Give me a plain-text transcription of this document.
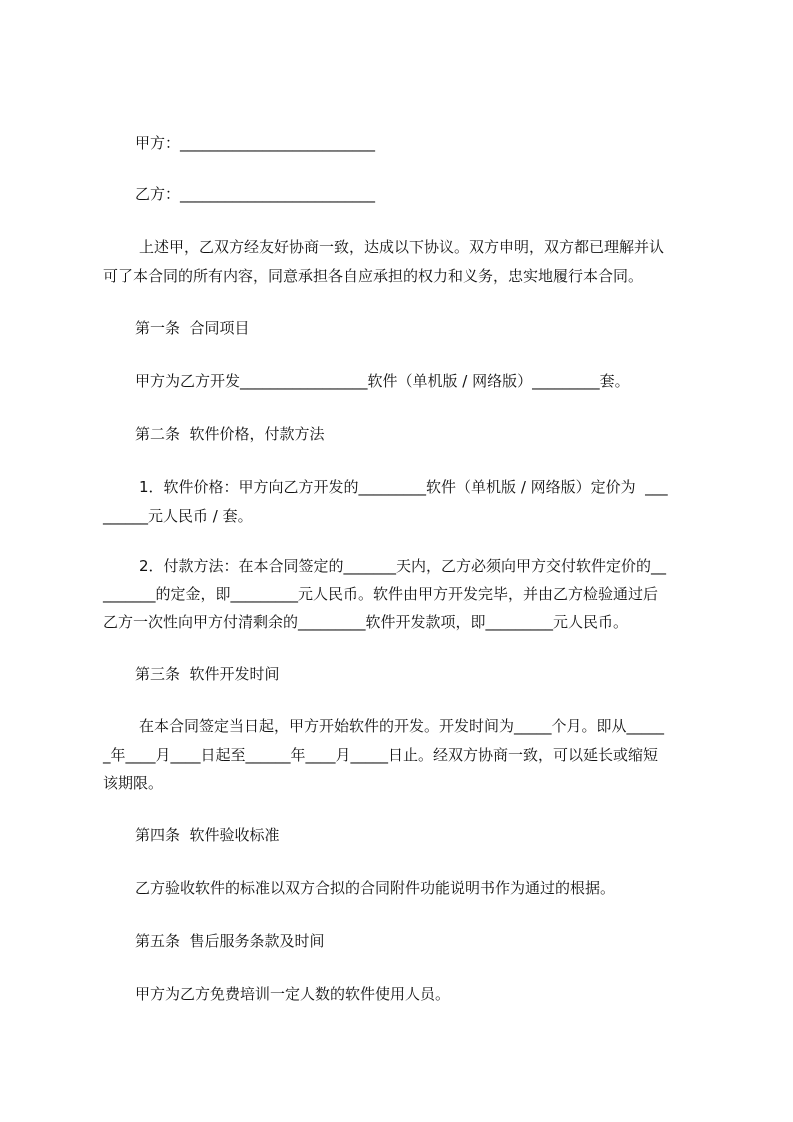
甲方：__________________________
乙方：__________________________
上述甲，乙双方经友好协商一致，达成以下协议。双方申明，双方都已理解并认
可了本合同的所有内容，同意承担各自应承担的权力和义务，忠实地履行本合同。
第一条  合同项目
甲方为乙方开发_________________软件（单机版 / 网络版）_________套。
第二条  软件价格，付款方法
1．软件价格：甲方向乙方开发的_________软件（单机版 / 网络版）定价为  ___
______元人民币 / 套。
2．付款方法：在本合同签定的_______天内，乙方必须向甲方交付软件定价的__
_______的定金，即_________元人民币。软件由甲方开发完毕，并由乙方检验通过后
乙方一次性向甲方付清剩余的_________软件开发款项，即_________元人民币。
第三条  软件开发时间
在本合同签定当日起，甲方开始软件的开发。开发时间为_____个月。即从_____
_年____月____日起至______年____月_____日止。经双方协商一致，可以延长或缩短
该期限。
第四条  软件验收标准
乙方验收软件的标准以双方合拟的合同附件功能说明书作为通过的根据。
第五条  售后服务条款及时间
甲方为乙方免费培训一定人数的软件使用人员。
